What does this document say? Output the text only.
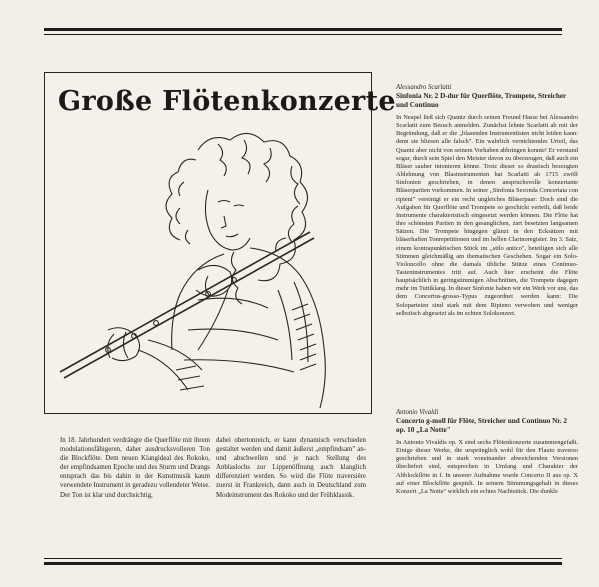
Große Flötenkonzerte
In 18. Jahrhundert verdrängte die Querflöte mit ihrem modulationsfähigeren, daher ausdrucksvolleren Ton die Blockflöte. Dem neuen Klangideal des Rokoko, der empfindsamen Epoche und des Sturm und Drangs entsprach das bis dahin in der Kunstmusik kaum verwendete Instrument in geradezu vollendeter Weise. Der Ton ist klar und durchsichtig,
dabei obertonreich, er kann dynamisch verschieden gestaltet werden und damit äußerst „empfindsam" an- und abschwellen und je nach Stellung des Anblaslochs zur Lippenöffnung auch klanglich differenziert werden. So wird die Flöte traversière zuerst in Frankreich, dann auch in Deutschland zum Modeinstrument des Rokoko und der Frühklassik.
Alessandro Scarlatti
Sinfonia Nr. 2 D-dur für Querflöte, Trompete, Streicher und Continuo
In Neapel ließ sich Quantz durch seinen Freund Hasse bei Alessandro Scarlatti zum Besuch anmelden. Zunächst lehnte Scarlatti ab mit der Begründung, daß er die „blasenden Instrumentisten nicht leiden kann: denn sie bliesen alle falsch". Ein wahrlich vernichtendes Urteil, das Quantz aber nicht von seinem Vorhaben abbringen konnte! Er verstand sogar, durch sein Spiel den Meister davon zu überzeugen, daß auch ein Bläser sauber intonieren könne. Trotz dieser so drastisch bezeugten Ablehnung von Blasinstrumenten hat Scarlatti ab 1715 zwölf Sinfonien geschrieben, in denen anspruchsvolle konzertante Bläserpartien vorkommen. In seiner „Sinfonia Seconda Concertata con ripieni" vereinigt er ein recht ungleiches Bläserpaar: Doch sind die Aufgaben für Querflöte und Trompete so geschickt verteilt, daß beide Instrumente charakteristisch eingesetzt werden können. Die Flöte hat ihre schönsten Partien in den gesanglichen, zart besetzten langsamen Sätzen. Die Trompete hingegen glänzt in den Ecksätzen mit bläserhaften Tonrepetitionen und im hellen Clarinoregister. Im 3. Satz, einem kontrapunktischen Stück im „stilo antico", beteiligen sich alle Stimmen gleichmäßig am thematischen Geschehen. Sogar ein Solo-Violoncello ohne die damals übliche Stütze eines Continuo-Tasteninstrumentes tritt auf. Auch hier erscheint die Flöte hauptsächlich in geringstimmigen Abschnitten, die Trompete dagegen mehr im Tuttiklang. In dieser Sinfonie haben wir ein Werk vor uns, das dem Concertus-grosso-Typus zugeordnet werden kann: Die Soloparteien sind stark mit dem Ripieno verwoben und weniger selbstisch abgesetzt als im echten Solokonzert.
Antonio Vivaldi
Concerto g-moll für Flöte, Streicher und Continuo Nr. 2 op. 10 „La Notte"
In Antonio Vivaldis op. X sind sechs Flötenkonzerte zusammengefaßt. Einige dieser Werke, die ursprünglich wohl für den Flauto traverso geschrieben und in stark voneinander abweichenden Versionen überliefert sind, entsprechen in Umfang und Charakter der Altblockflöte in f. In unserer Aufnahme wurde Concerto II aus op. X auf einer Blockflöte gespielt. In seinem Stimmungsgehalt in dieses Konzert „La Notte" wirklich ein echtes Nachtstück. Die dunkle
